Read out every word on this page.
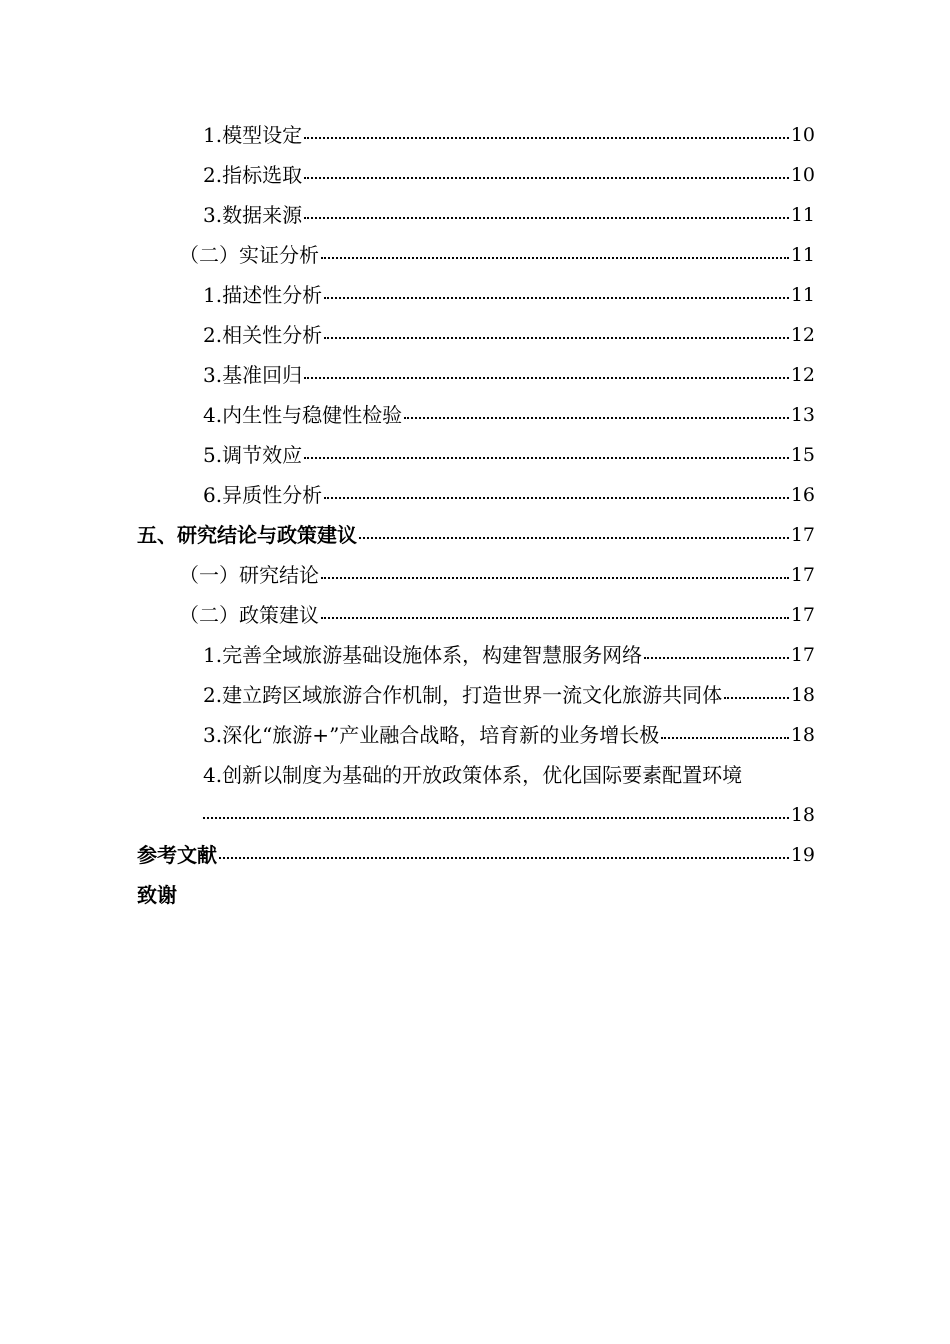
1.模型设定	10
2.指标选取	10
3.数据来源	11
（二）实证分析	11
1.描述性分析	11
2.相关性分析	12
3.基准回归	12
4.内生性与稳健性检验	13
5.调节效应	15
6.异质性分析	16
五、研究结论与政策建议	17
（一）研究结论	17
（二）政策建议	17
1.完善全域旅游基础设施体系，构建智慧服务网络	17
2.建立跨区域旅游合作机制，打造世界一流文化旅游共同体	18
3.深化“旅游+”产业融合战略，培育新的业务增长极	18
4.创新以制度为基础的开放政策体系，优化国际要素配置环境
18
参考文献	19
致谢
